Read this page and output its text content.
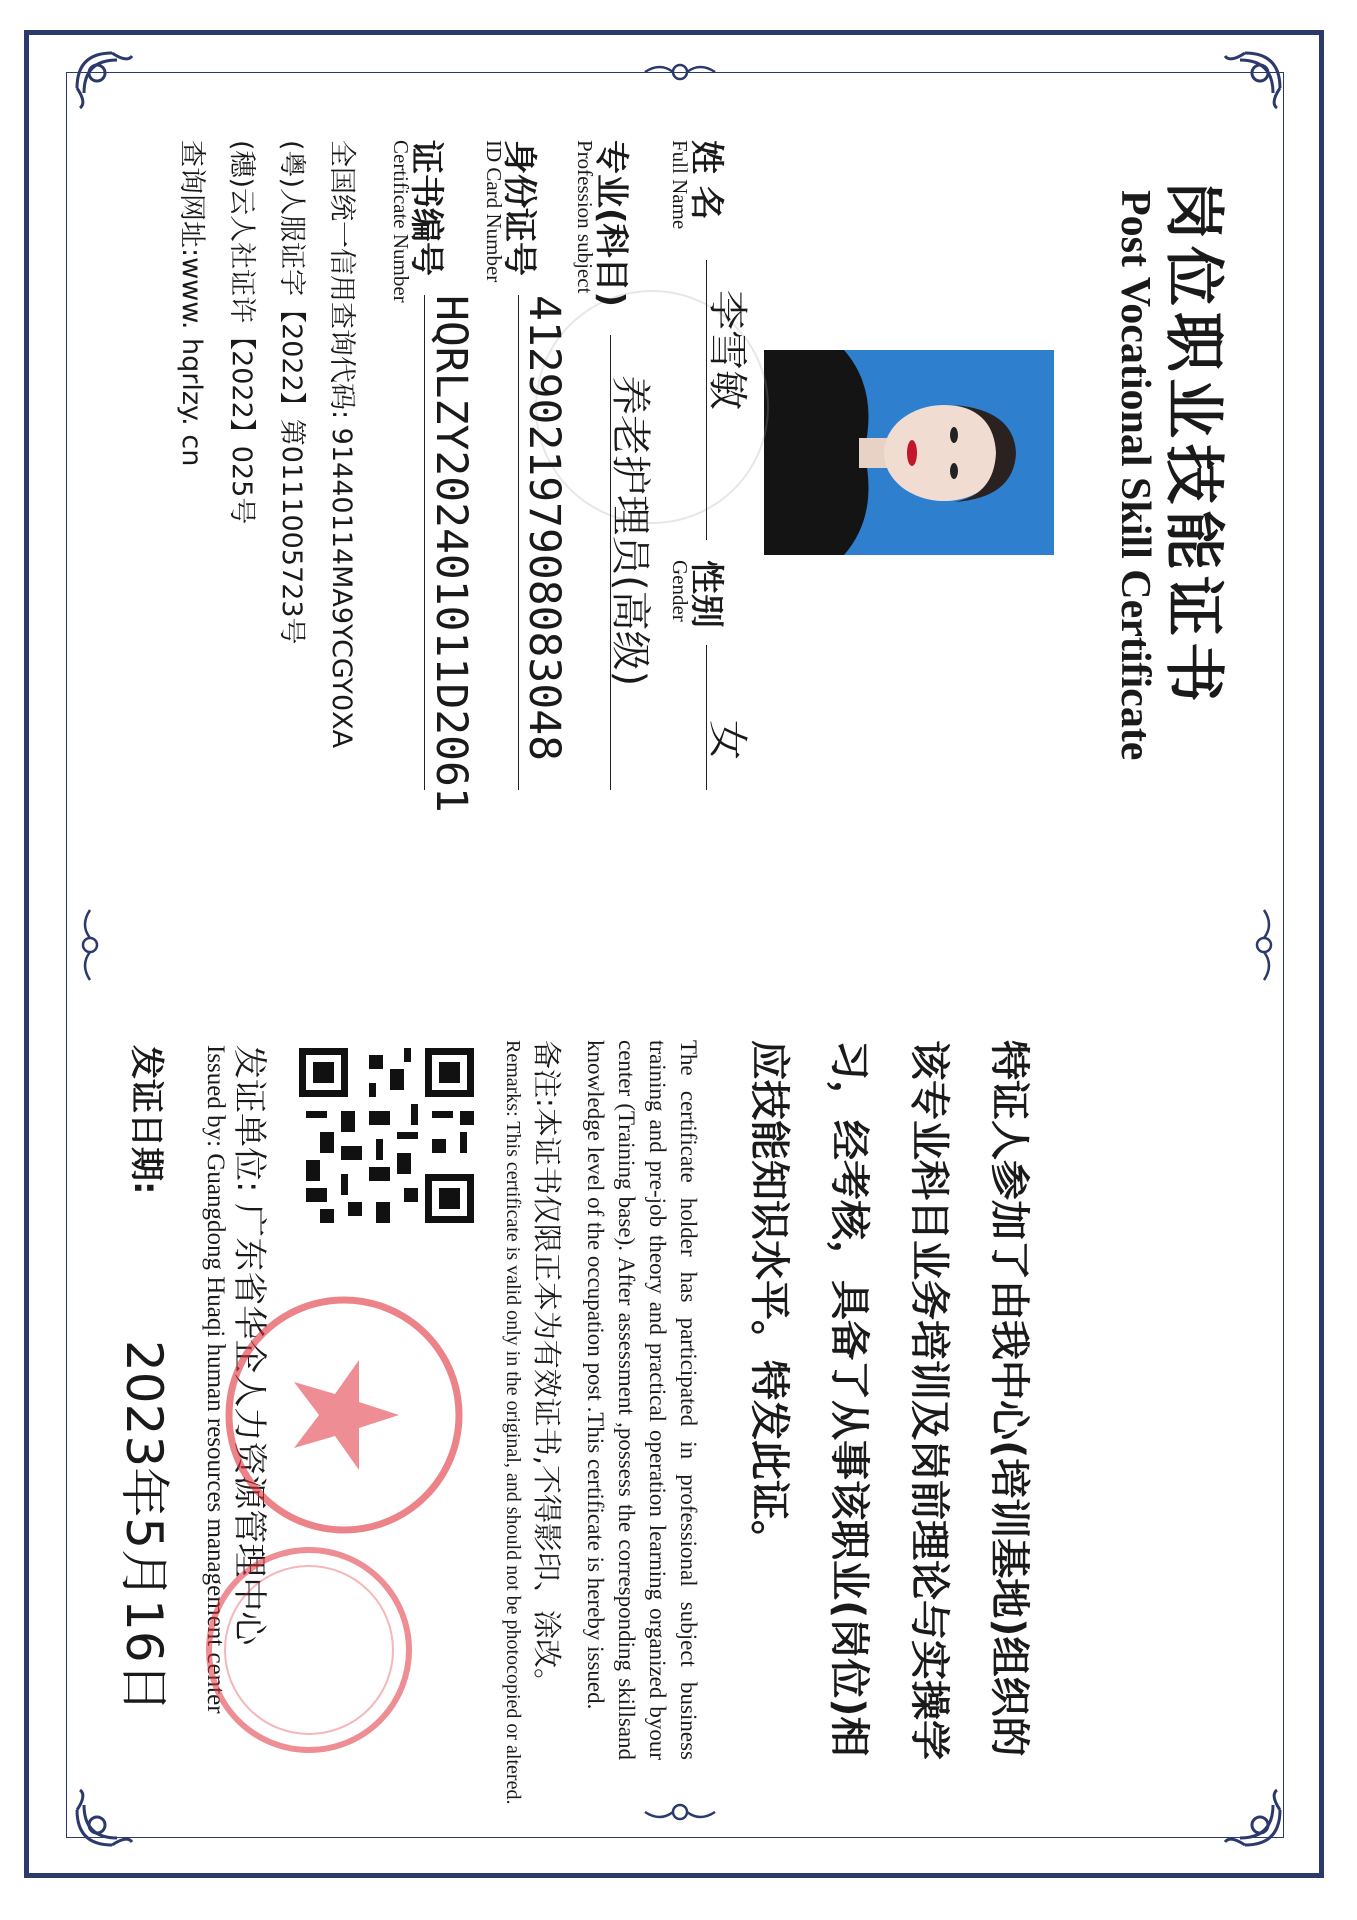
岗位职业技能证书
Post Vocational Skill Certificate
姓 名
Full Name
李雪敏
性别
Gender
女
专业(科目)
Profession subject
养老护理员(高级)
身份证号
ID Card Number
412902197908083048
证书编号
Certificate Number
HQRLZY202401011D2061
全国统一信用查询代码: 91440114MA9YCGY0XA
(粤)人服证字【2022】第0111005723号
(穗)云人社证许【2022】025号
查询网址:www. hqrlzy. cn
特证人参加了由我中心(培训基地)组织的该专业科目业务培训及岗前理论与实操学习，经考核，具备了从事该职业(岗位)相应技能知识水平。特发此证。
The certificate holder has participated in professional subject business training and pre-job theory and practical operation learning organized byour center (Training base). After assessment ,possess the corresponding skillsand knowledge level of the occupation post .This certificate is hereby issued.
备注:本证书仅限正本为有效证书,不得影印、涂改。
Remarks: This certificate is valid only in the original, and should not be photocopied or altered.
发证单位: 广东省华企人力资源管理中心
Issued by: Guangdong Huaqi human resources management center
发证日期:
2023年5月16日
